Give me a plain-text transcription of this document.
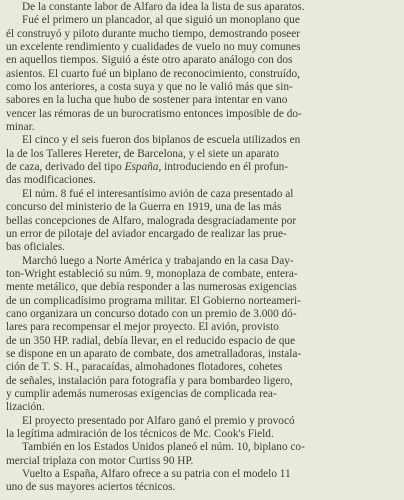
De la constante labor de Alfaro da idea la lista de sus aparatos.
Fué el primero un plancador, al que siguió un monoplano que
él construyó y piloto durante mucho tiempo, demostrando poseer
un excelente rendimiento y cualidades de vuelo no muy comunes
en aquellos tiempos. Siguió a éste otro aparato análogo con dos
asientos. El cuarto fué un biplano de reconocimiento, construído,
como los anteriores, a costa suya y que no le valió más que sin-
sabores en la lucha que hubo de sostener para intentar en vano
vencer las rémoras de un burocratismo entonces imposible de do-
minar.
El cinco y el seis fueron dos biplanos de escuela utilizados en
la de los Talleres Hereter, de Barcelona, y el siete un aparato
de caza, derivado del tipo España, introduciendo en él profun-
das modificaciones.
El núm. 8 fué el interesantísimo avión de caza presentado al
concurso del ministerio de la Guerra en 1919, una de las más
bellas concepciones de Alfaro, malograda desgraciadamente por
un error de pilotaje del aviador encargado de realizar las prue-
bas oficiales.
Marchó luego a Norte América y trabajando en la casa Day-
ton-Wright estableció su núm. 9, monoplaza de combate, entera-
mente metálico, que debía responder a las numerosas exigencias
de un complicadísimo programa militar. El Gobierno norteameri-
cano organizara un concurso dotado con un premio de 3.000 dó-
lares para recompensar el mejor proyecto. El avión, provisto
de un 350 HP. radial, debía llevar, en el reducido espacio de que
se dispone en un aparato de combate, dos ametralladoras, instala-
ción de T. S. H., paracaídas, almohadones flotadores, cohetes
de señales, instalación para fotografía y para bombardeo ligero,
y cumplir además numerosas exigencias de complicada rea-
lización.
El proyecto presentado por Alfaro ganó el premio y provocó
la legítima admiración de los técnicos de Mc. Cook's Field.
También en los Estados Unidos planeó el núm. 10, biplano co-
mercial triplaza con motor Curtiss 90 HP.
Vuelto a España, Alfaro ofrece a su patria con el modelo 11
uno de sus mayores aciertos técnicos.
